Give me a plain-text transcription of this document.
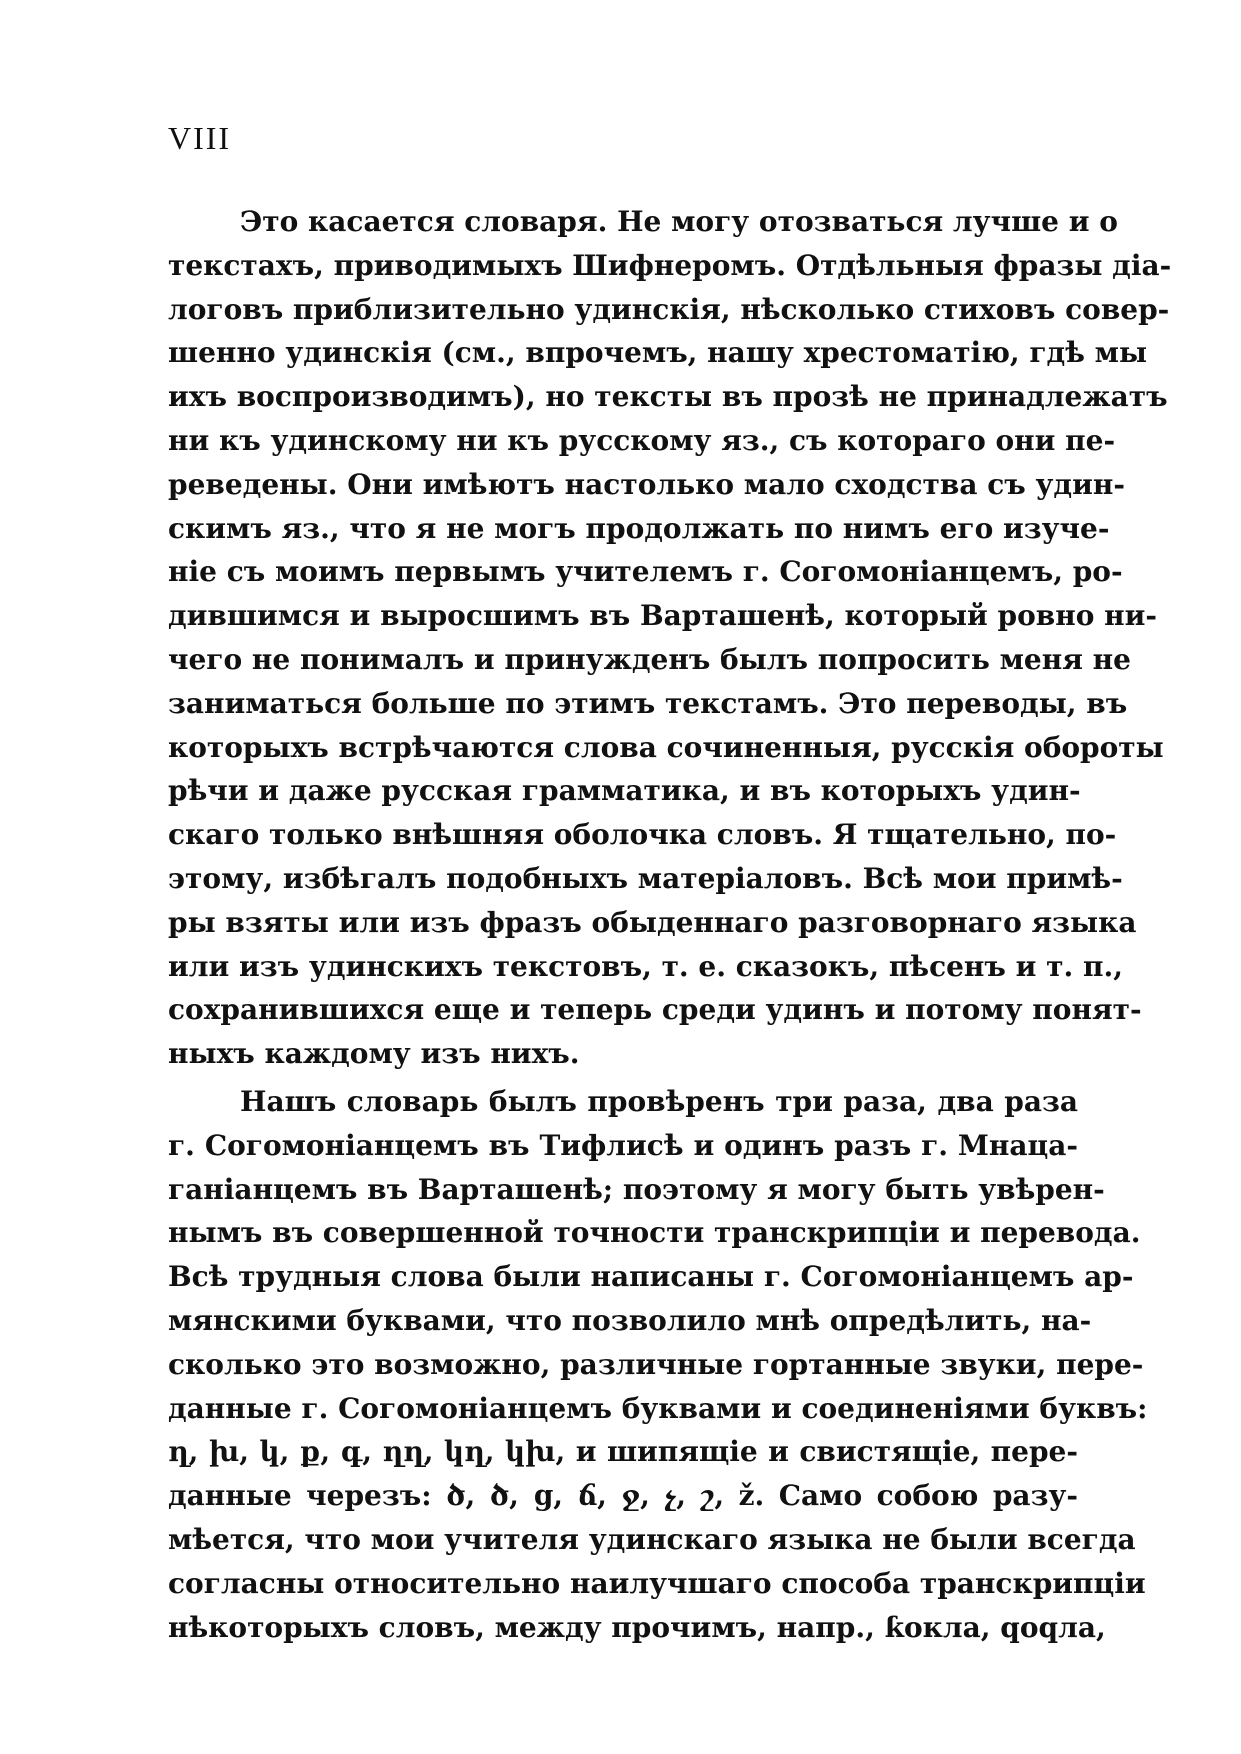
VIII
Это касается словаря. Не могу отозваться лучше и о
текстахъ, приводимыхъ Шифнеромъ. Отдѣльныя фразы діа-
логовъ приблизительно удинскія, нѣсколько стиховъ совер-
шенно удинскія (см., впрочемъ, нашу хрестоматію, гдѣ мы
ихъ воспроизводимъ), но тексты въ прозѣ не принадлежатъ
ни къ удинскому ни къ русскому яз., съ котораго они пе-
реведены. Они имѣютъ настолько мало сходства съ удин-
скимъ яз., что я не могъ продолжать по нимъ его изуче-
ніе съ моимъ первымъ учителемъ г. Согомоніанцемъ, ро-
дившимся и выросшимъ въ Варташенѣ, который ровно ни-
чего не понималъ и принужденъ былъ попросить меня не
заниматься больше по этимъ текстамъ. Это переводы, въ
которыхъ встрѣчаются слова сочиненныя, русскія обороты
рѣчи и даже русская грамматика, и въ которыхъ удин-
скаго только внѣшняя оболочка словъ. Я тщательно, по-
этому, избѣгалъ подобныхъ матеріаловъ. Всѣ мои примѣ-
ры взяты или изъ фразъ обыденнаго разговорнаго языка
или изъ удинскихъ текстовъ, т. е. сказокъ, пѣсенъ и т. п.,
сохранившихся еще и теперь среди удинъ и потому понят-
ныхъ каждому изъ нихъ.
Нашъ словарь былъ провѣренъ три раза, два раза
г. Согомоніанцемъ въ Тифлисѣ и одинъ разъ г. Мнаца-
ганіанцемъ въ Варташенѣ; поэтому я могу быть увѣрен-
нымъ въ совершенной точности транскрипціи и перевода.
Всѣ трудныя слова были написаны г. Согомоніанцемъ ар-
мянскими буквами, что позволило мнѣ опредѣлить, на-
сколько это возможно, различные гортанные звуки, пере-
данные г. Согомоніанцемъ буквами и соединеніями буквъ:
ղ, խ, կ, ք, գ, ղղ, կղ, կխ, и шипящіе и свистящіе, пере-
данные черезъ: ծ, ծ, ց, ճ, ջ, չ, շ, ž. Само собою разу-
мѣется, что мои учителя удинскаго языка не были всегда
согласны относительно наилучшаго способа транскрипціи
нѣкоторыхъ словъ, между прочимъ, напр., ƙокла, qоqла,
